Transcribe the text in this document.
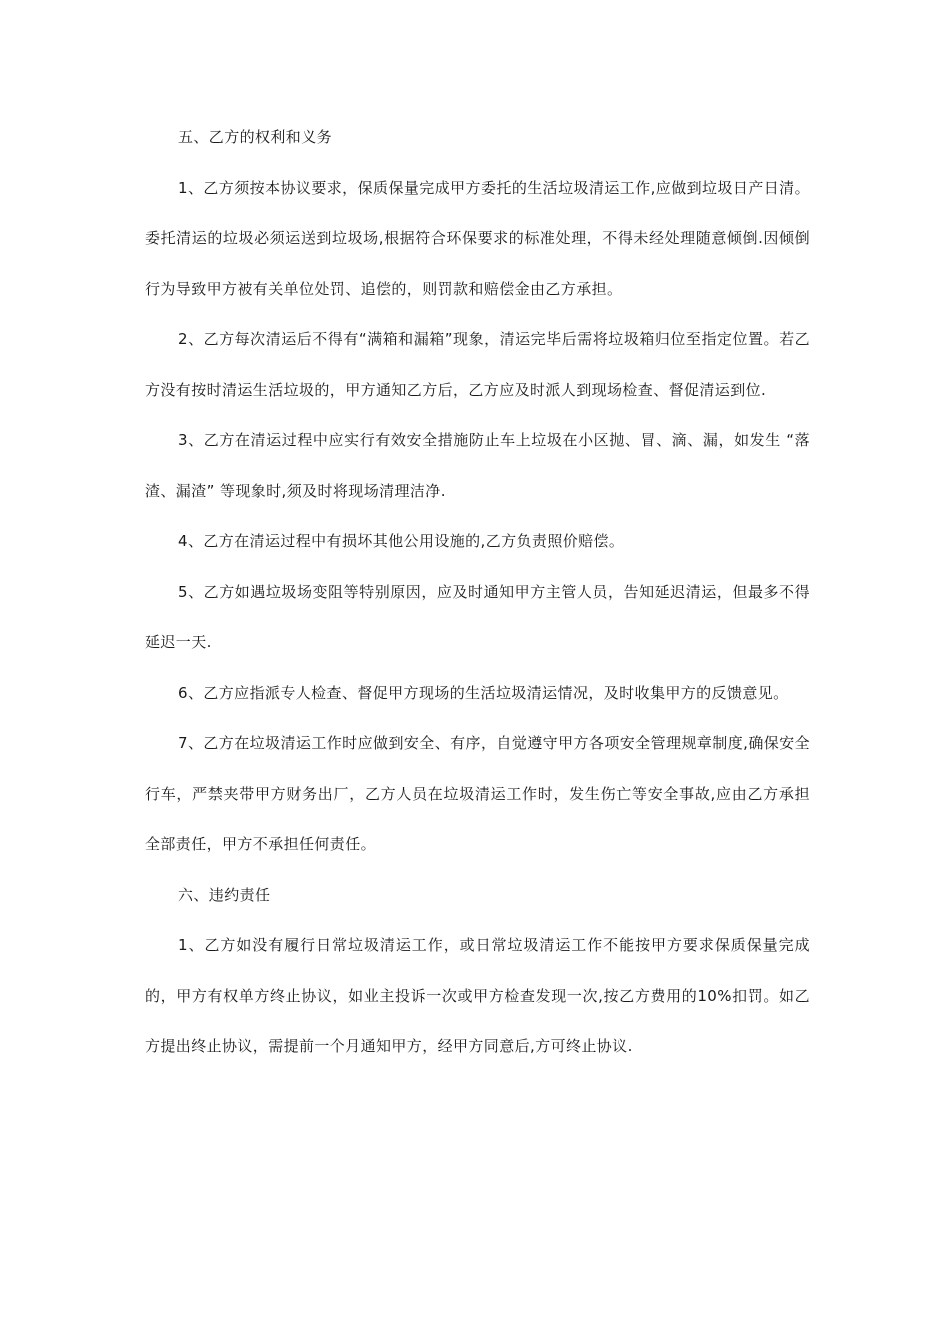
五、乙方的权利和义务

1、乙方须按本协议要求，保质保量完成甲方委托的生活垃圾清运工作,应做到垃圾日产日清。委托清运的垃圾必须运送到垃圾场,根据符合环保要求的标准处理，不得未经处理随意倾倒.因倾倒行为导致甲方被有关单位处罚、追偿的，则罚款和赔偿金由乙方承担。

2、乙方每次清运后不得有“满箱和漏箱”现象，清运完毕后需将垃圾箱归位至指定位置。若乙方没有按时清运生活垃圾的，甲方通知乙方后，乙方应及时派人到现场检查、督促清运到位.

3、乙方在清运过程中应实行有效安全措施防止车上垃圾在小区抛、冒、滴、漏，如发生 “落渣、漏渣” 等现象时,须及时将现场清理洁净.

4、乙方在清运过程中有损坏其他公用设施的,乙方负责照价赔偿。

5、乙方如遇垃圾场变阻等特别原因，应及时通知甲方主管人员，告知延迟清运，但最多不得延迟一天.

6、乙方应指派专人检查、督促甲方现场的生活垃圾清运情况，及时收集甲方的反馈意见。

7、乙方在垃圾清运工作时应做到安全、有序，自觉遵守甲方各项安全管理规章制度,确保安全行车，严禁夹带甲方财务出厂，乙方人员在垃圾清运工作时，发生伤亡等安全事故,应由乙方承担全部责任，甲方不承担任何责任。

六、违约责任

1、乙方如没有履行日常垃圾清运工作，或日常垃圾清运工作不能按甲方要求保质保量完成的，甲方有权单方终止协议，如业主投诉一次或甲方检查发现一次,按乙方费用的10%扣罚。如乙方提出终止协议，需提前一个月通知甲方，经甲方同意后,方可终止协议.
